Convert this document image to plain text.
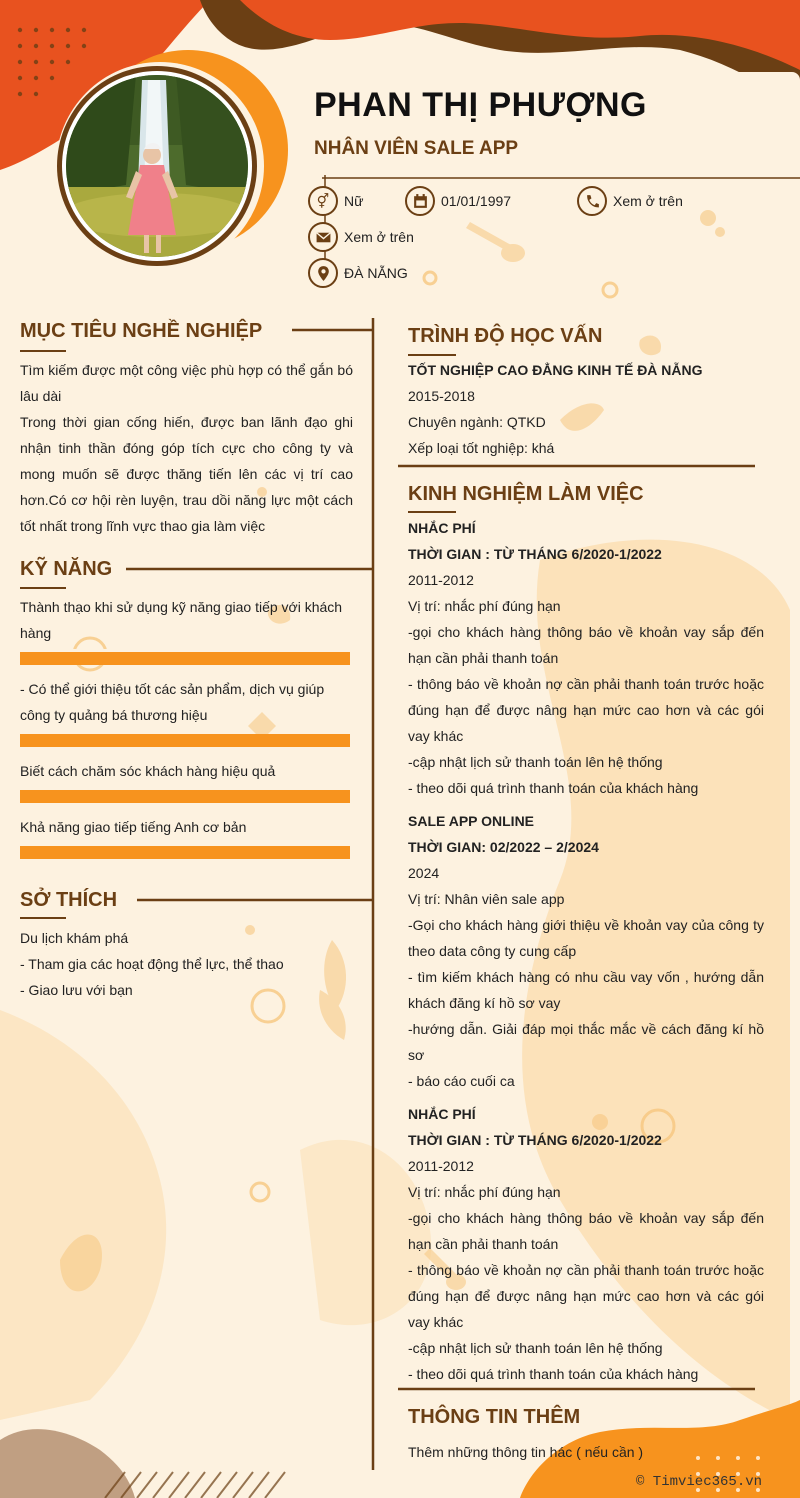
PHAN THỊ PHƯỢNG
NHÂN VIÊN SALE APP
⚥	Nữ	01/01/1997	Xem ở trên
Xem ở trên
ĐÀ NẴNG
MỤC TIÊU NGHỀ NGHIỆP

Tìm kiếm được một công việc phù hợp có thể gắn bó lâu dài

Trong thời gian cống hiến, được ban lãnh đạo ghi nhận tinh thần đóng góp tích cực cho công ty và mong muốn sẽ được thăng tiến lên các vị trí cao hơn.Có cơ hội rèn luyện, trau dồi năng lực một cách tốt nhất trong lĩnh vực thao gia làm việc

KỸ NĂNG
Thành thạo khi sử dụng kỹ năng giao tiếp với khách hàng
- Có thể giới thiệu tốt các sản phẩm, dịch vụ giúp công ty quảng bá thương hiệu
Biết cách chăm sóc khách hàng hiệu quả
Khả năng giao tiếp tiếng Anh cơ bản
SỞ THÍCH

Du lịch khám phá

- Tham gia các hoạt động thể lực, thể thao

- Giao lưu với bạn

TRÌNH ĐỘ HỌC VẤN

TỐT NGHIỆP CAO ĐẲNG KINH TẾ ĐÀ NẴNG

2015-2018

Chuyên ngành: QTKD

Xếp loại tốt nghiệp: khá

KINH NGHIỆM LÀM VIỆC

NHẮC PHÍ

THỜI GIAN : TỪ THÁNG 6/2020-1/2022

2011-2012

Vị trí: nhắc phí đúng hạn

-gọi cho khách hàng thông báo về khoản vay sắp đến hạn cần phải thanh toán

- thông báo về khoản nợ cần phải thanh toán trước hoặc đúng hạn để được nâng hạn mức cao hơn và các gói vay khác

-cập nhật lịch sử thanh toán lên hệ thống

- theo dõi quá trình thanh toán của khách hàng

SALE APP ONLINE

THỜI GIAN: 02/2022 – 2/2024

2024

Vị trí: Nhân viên sale app

-Gọi cho khách hàng giới thiệu về khoản vay của công ty theo data công ty cung cấp

- tìm kiếm khách hàng có nhu cầu vay vốn , hướng dẫn khách đăng kí hồ sơ vay

-hướng dẫn. Giải đáp mọi thắc mắc về cách đăng kí hồ sơ

- báo cáo cuối ca

NHẮC PHÍ

THỜI GIAN : TỪ THÁNG 6/2020-1/2022

2011-2012

Vị trí: nhắc phí đúng hạn

-gọi cho khách hàng thông báo về khoản vay sắp đến hạn cần phải thanh toán

- thông báo về khoản nợ cần phải thanh toán trước hoặc đúng hạn để được nâng hạn mức cao hơn và các gói vay khác

-cập nhật lịch sử thanh toán lên hệ thống

- theo dõi quá trình thanh toán của khách hàng

THÔNG TIN THÊM
Thêm những thông tin hác ( nếu cần )
© Timviec365.vn
